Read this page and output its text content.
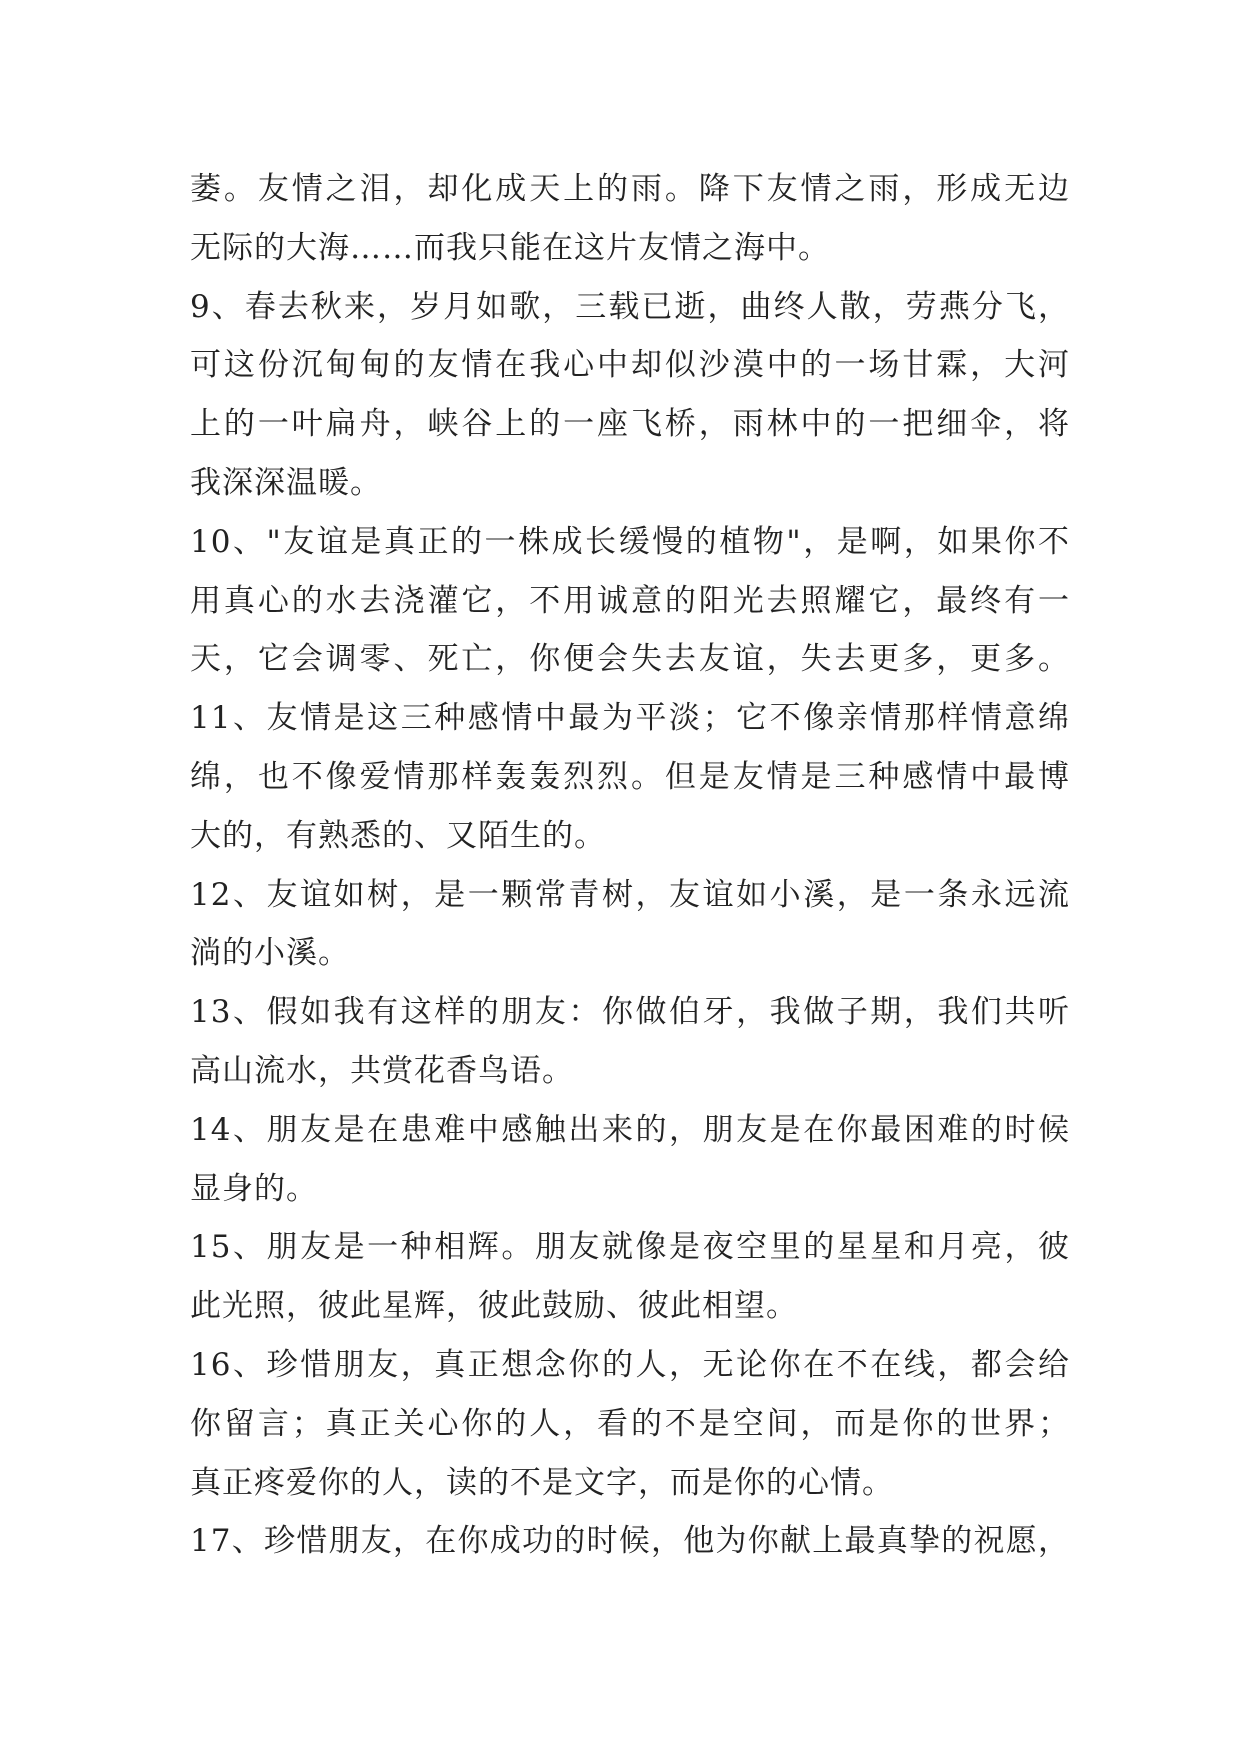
萎。友情之泪，却化成天上的雨。降下友情之雨，形成无边
无际的大海……而我只能在这片友情之海中。
9、春去秋来，岁月如歌，三载已逝，曲终人散，劳燕分飞，
可这份沉甸甸的友情在我心中却似沙漠中的一场甘霖，大河
上的一叶扁舟，峡谷上的一座飞桥，雨林中的一把细伞，将
我深深温暖。
10、"友谊是真正的一株成长缓慢的植物"，是啊，如果你不
用真心的水去浇灌它，不用诚意的阳光去照耀它，最终有一
天，它会调零、死亡，你便会失去友谊，失去更多，更多。
11、友情是这三种感情中最为平淡；它不像亲情那样情意绵
绵，也不像爱情那样轰轰烈烈。但是友情是三种感情中最博
大的，有熟悉的、又陌生的。
12、友谊如树，是一颗常青树，友谊如小溪，是一条永远流
淌的小溪。
13、假如我有这样的朋友：你做伯牙，我做子期，我们共听
高山流水，共赏花香鸟语。
14、朋友是在患难中感触出来的，朋友是在你最困难的时候
显身的。
15、朋友是一种相辉。朋友就像是夜空里的星星和月亮，彼
此光照，彼此星辉，彼此鼓励、彼此相望。
16、珍惜朋友，真正想念你的人，无论你在不在线，都会给
你留言；真正关心你的人，看的不是空间，而是你的世界；
真正疼爱你的人，读的不是文字，而是你的心情。
17、珍惜朋友，在你成功的时候，他为你献上最真挚的祝愿，
